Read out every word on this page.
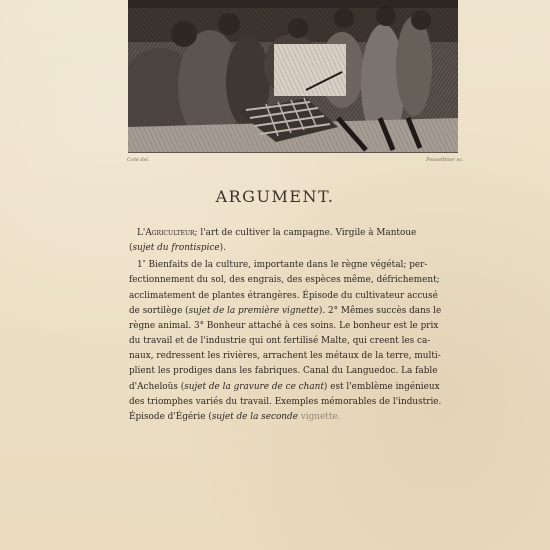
Cohi del.	Pouvelthier sc.
ARGUMENT.
L'Agriculteur; l'art de cultiver la campagne. Virgile à Mantoue
(sujet du frontispice).
1° Bienfaits de la culture, importante dans le règne végétal; per-
fectionnement du sol, des engrais, des espèces même, défrichement;
acclimatement de plantes étrangères. Épisode du cultivateur accusé
de sortilège (sujet de la première vignette). 2° Mêmes succès dans le
règne animal. 3° Bonheur attaché à ces soins. Le bonheur est le prix
du travail et de l'industrie qui ont fertilisé Malte, qui creent les ca-
naux, redressent les rivières, arrachent les métaux de la terre, multi-
plient les prodiges dans les fabriques. Canal du Languedoc. La fable
d'Acheloüs (sujet de la gravure de ce chant) est l'emblème ingénieux
des triomphes variés du travail. Exemples mémorables de l'industrie.
Épisode d'Égérie (sujet de la seconde vignette.
